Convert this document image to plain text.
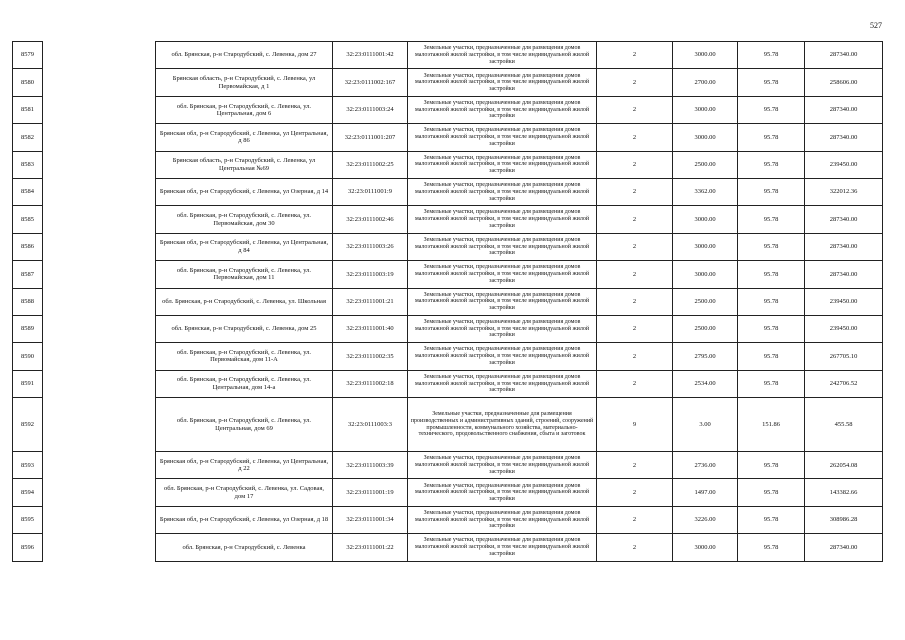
527
8579		обл. Брянская, р-н Стародубский, с. Левенка, дом 27	32:23:0111001:42	Земельные участки, предназначенные для размещения домов малоэтажной жилой застройки, в том числе индивидуальной жилой застройки	2	3000.00	95.78	287340.00
8580		Брянская область, р-н Стародубский, с. Левенка, ул Первомайская, д 1	32:23:0111002:167	Земельные участки, предназначенные для размещения домов малоэтажной жилой застройки, в том числе индивидуальной жилой застройки	2	2700.00	95.78	258606.00
8581		обл. Брянская, р-н Стародубский, с. Левенка, ул. Центральная, дом 6	32:23:0111003:24	Земельные участки, предназначенные для размещения домов малоэтажной жилой застройки, в том числе индивидуальной жилой застройки	2	3000.00	95.78	287340.00
8582		Брянская обл, р-н Стародубский, с Левенка, ул Центральная, д 86	32:23:0111001:207	Земельные участки, предназначенные для размещения домов малоэтажной жилой застройки, в том числе индивидуальной жилой застройки	2	3000.00	95.78	287340.00
8583		Брянская область, р-н Стародубский, с. Левенка, ул Центральная №69	32:23:0111002:25	Земельные участки, предназначенные для размещения домов малоэтажной жилой застройки, в том числе индивидуальной жилой застройки	2	2500.00	95.78	239450.00
8584		Брянская обл, р-н Стародубский, с Левенка, ул Озерная, д 14	32:23:0111001:9	Земельные участки, предназначенные для размещения домов малоэтажной жилой застройки, в том числе индивидуальной жилой застройки	2	3362.00	95.78	322012.36
8585		обл. Брянская, р-н Стародубский, с. Левенка, ул. Первомайская, дом 30	32:23:0111002:46	Земельные участки, предназначенные для размещения домов малоэтажной жилой застройки, в том числе индивидуальной жилой застройки	2	3000.00	95.78	287340.00
8586		Брянская обл, р-н Стародубский, с Левенка, ул Центральная, д 84	32:23:0111003:26	Земельные участки, предназначенные для размещения домов малоэтажной жилой застройки, в том числе индивидуальной жилой застройки	2	3000.00	95.78	287340.00
8587		обл. Брянская, р-н Стародубский, с. Левенка, ул. Первомайская, дом 11	32:23:0111003:19	Земельные участки, предназначенные для размещения домов малоэтажной жилой застройки, в том числе индивидуальной жилой застройки	2	3000.00	95.78	287340.00
8588		обл. Брянская, р-н Стародубский, с. Левенка, ул. Школьная	32:23:0111001:21	Земельные участки, предназначенные для размещения домов малоэтажной жилой застройки, в том числе индивидуальной жилой застройки	2	2500.00	95.78	239450.00
8589		обл. Брянская, р-н Стародубский, с. Левенка, дом 25	32:23:0111001:40	Земельные участки, предназначенные для размещения домов малоэтажной жилой застройки, в том числе индивидуальной жилой застройки	2	2500.00	95.78	239450.00
8590		обл. Брянская, р-н Стародубский, с. Левенка, ул. Первомайская, дом 11-А	32:23:0111002:35	Земельные участки, предназначенные для размещения домов малоэтажной жилой застройки, в том числе индивидуальной жилой застройки	2	2795.00	95.78	267705.10
8591		обл. Брянская, р-н Стародубский, с. Левенка, ул. Центральная, дом 14-а	32:23:0111002:18	Земельные участки, предназначенные для размещения домов малоэтажной жилой застройки, в том числе индивидуальной жилой застройки	2	2534.00	95.78	242706.52
8592		обл. Брянская, р-н Стародубский, с. Левенка, ул. Центральная, дом 69	32:23:0111003:3	Земельные участки, предназначенные для размещения производственных и административных зданий, строений, сооружений промышленности, коммунального хозяйства, материально-технического, продовольственного снабжения, сбыта и заготовок	9	3.00	151.86	455.58
8593		Брянская обл, р-н Стародубский, с Левенка, ул Центральная, д 22	32:23:0111003:39	Земельные участки, предназначенные для размещения домов малоэтажной жилой застройки, в том числе индивидуальной жилой застройки	2	2736.00	95.78	262054.08
8594		обл. Брянская, р-н Стародубский, с. Левенка, ул. Садовая, дом 17	32:23:0111001:19	Земельные участки, предназначенные для размещения домов малоэтажной жилой застройки, в том числе индивидуальной жилой застройки	2	1497.00	95.78	143382.66
8595		Брянская обл, р-н Стародубский, с Левенка, ул Озерная, д 18	32:23:0111001:34	Земельные участки, предназначенные для размещения домов малоэтажной жилой застройки, в том числе индивидуальной жилой застройки	2	3226.00	95.78	308986.28
8596		обл. Брянская, р-н Стародубский, с. Левенка	32:23:0111001:22	Земельные участки, предназначенные для размещения домов малоэтажной жилой застройки, в том числе индивидуальной жилой застройки	2	3000.00	95.78	287340.00
